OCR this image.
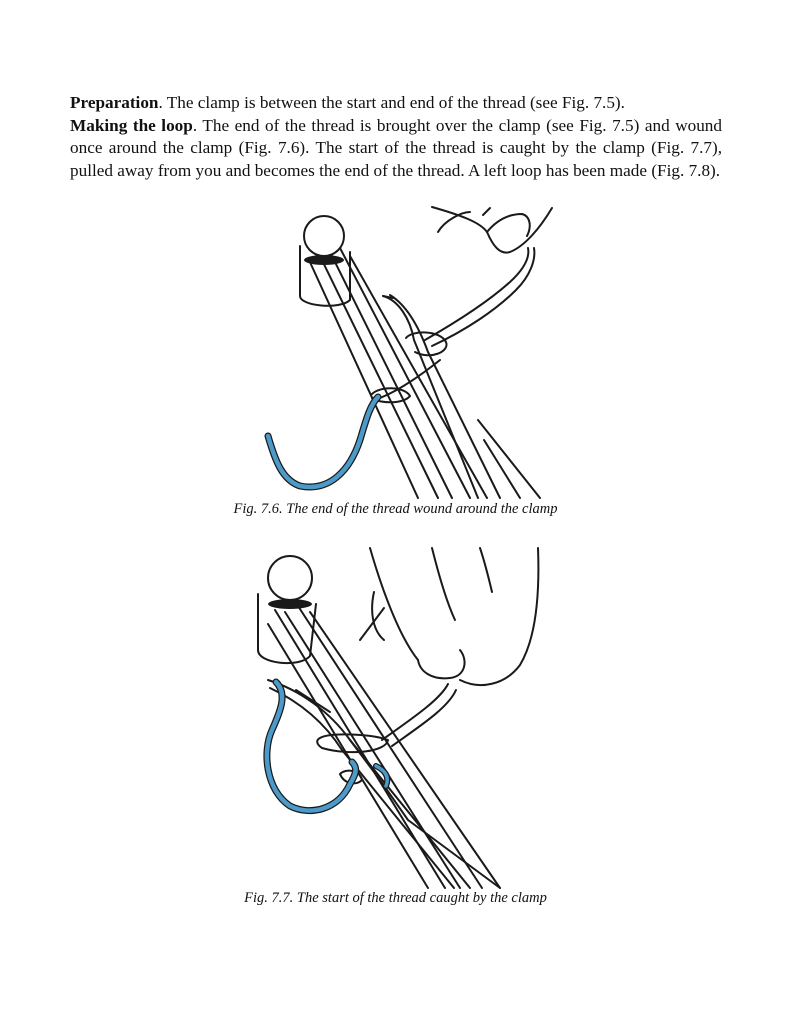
Preparation. The clamp is between the start and end of the thread (see Fig. 7.5).

Making the loop. The end of the thread is brought over the clamp (see Fig. 7.5) and wound once around the clamp (Fig. 7.6). The start of the thread is caught by the clamp (Fig. 7.7), pulled away from you and becomes the end of the thread. A left loop has been made (Fig. 7.8).

Fig. 7.6. The end of the thread wound around the clamp
Fig. 7.7. The start of the thread caught by the clamp
